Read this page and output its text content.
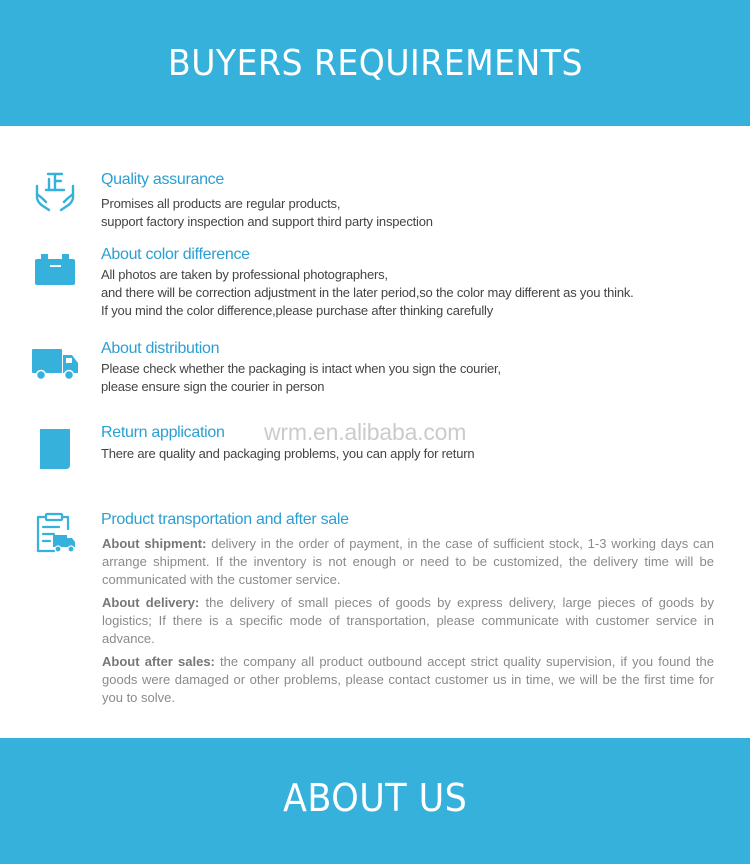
BUYERS REQUIREMENTS
Quality assurance

Promises all products are regular products,

support factory inspection and support third party inspection

About color difference

All photos are taken by professional photographers,

and there will be correction adjustment in the later period,so the color may different as you think.

If you mind the color difference,please purchase after thinking carefully

About distribution

Please check whether the packaging is intact when you sign the courier,

please ensure sign the courier in person

Return application

There are quality and packaging problems, you can apply for return

wrm.en.alibaba.com
Product transportation and after sale

About shipment: delivery in the order of payment, in the case of sufficient stock, 1-3 working days can arrange shipment. If the inventory is not enough or need to be customized, the delivery time will be communicated with the customer service.

About delivery: the delivery of small pieces of goods by express delivery, large pieces of goods by logistics; If there is a specific mode of transportation, please communicate with customer service in advance.

About after sales: the company all product outbound accept strict quality supervision, if you found the goods were damaged or other problems, please contact customer us in time, we will be the first time for you to solve.

ABOUT US
